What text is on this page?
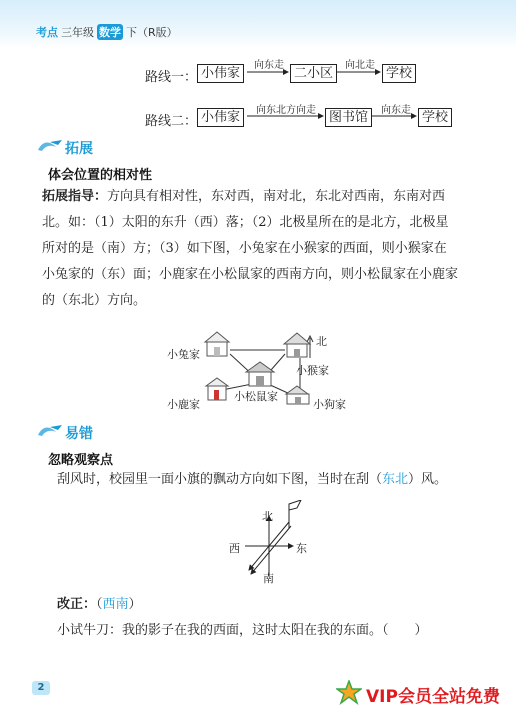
考点 三年级 数学 下（R版）
路线一： 小伟家
向东走
二小区
向北走
学校
路线二： 小伟家	向东北方向走	图书馆	向东走 学校
拓展
体会位置的相对性
拓展指导：方向具有相对性，东对西，南对北，东北对西南，东南对西
北。如：（1）太阳的东升（西）落；（2）北极星所在的是北方，北极星
所对的是（南）方；（3）如下图，小兔家在小猴家的西面，则小猴家在
小兔家的（东）面；小鹿家在小松鼠家的西南方向，则小松鼠家在小鹿家
的（东北）方向。
北
小兔家
小猴家
小松鼠家
小鹿家	小狗家
易错
忽略观察点
刮风时，校园里一面小旗的飘动方向如下图，当时在刮（东北）风。
北
西	东
南
改正：（西南）
小试牛刀：我的影子在我的西面，这时太阳在我的东面。（　　）
2	VIP会员全站免费
